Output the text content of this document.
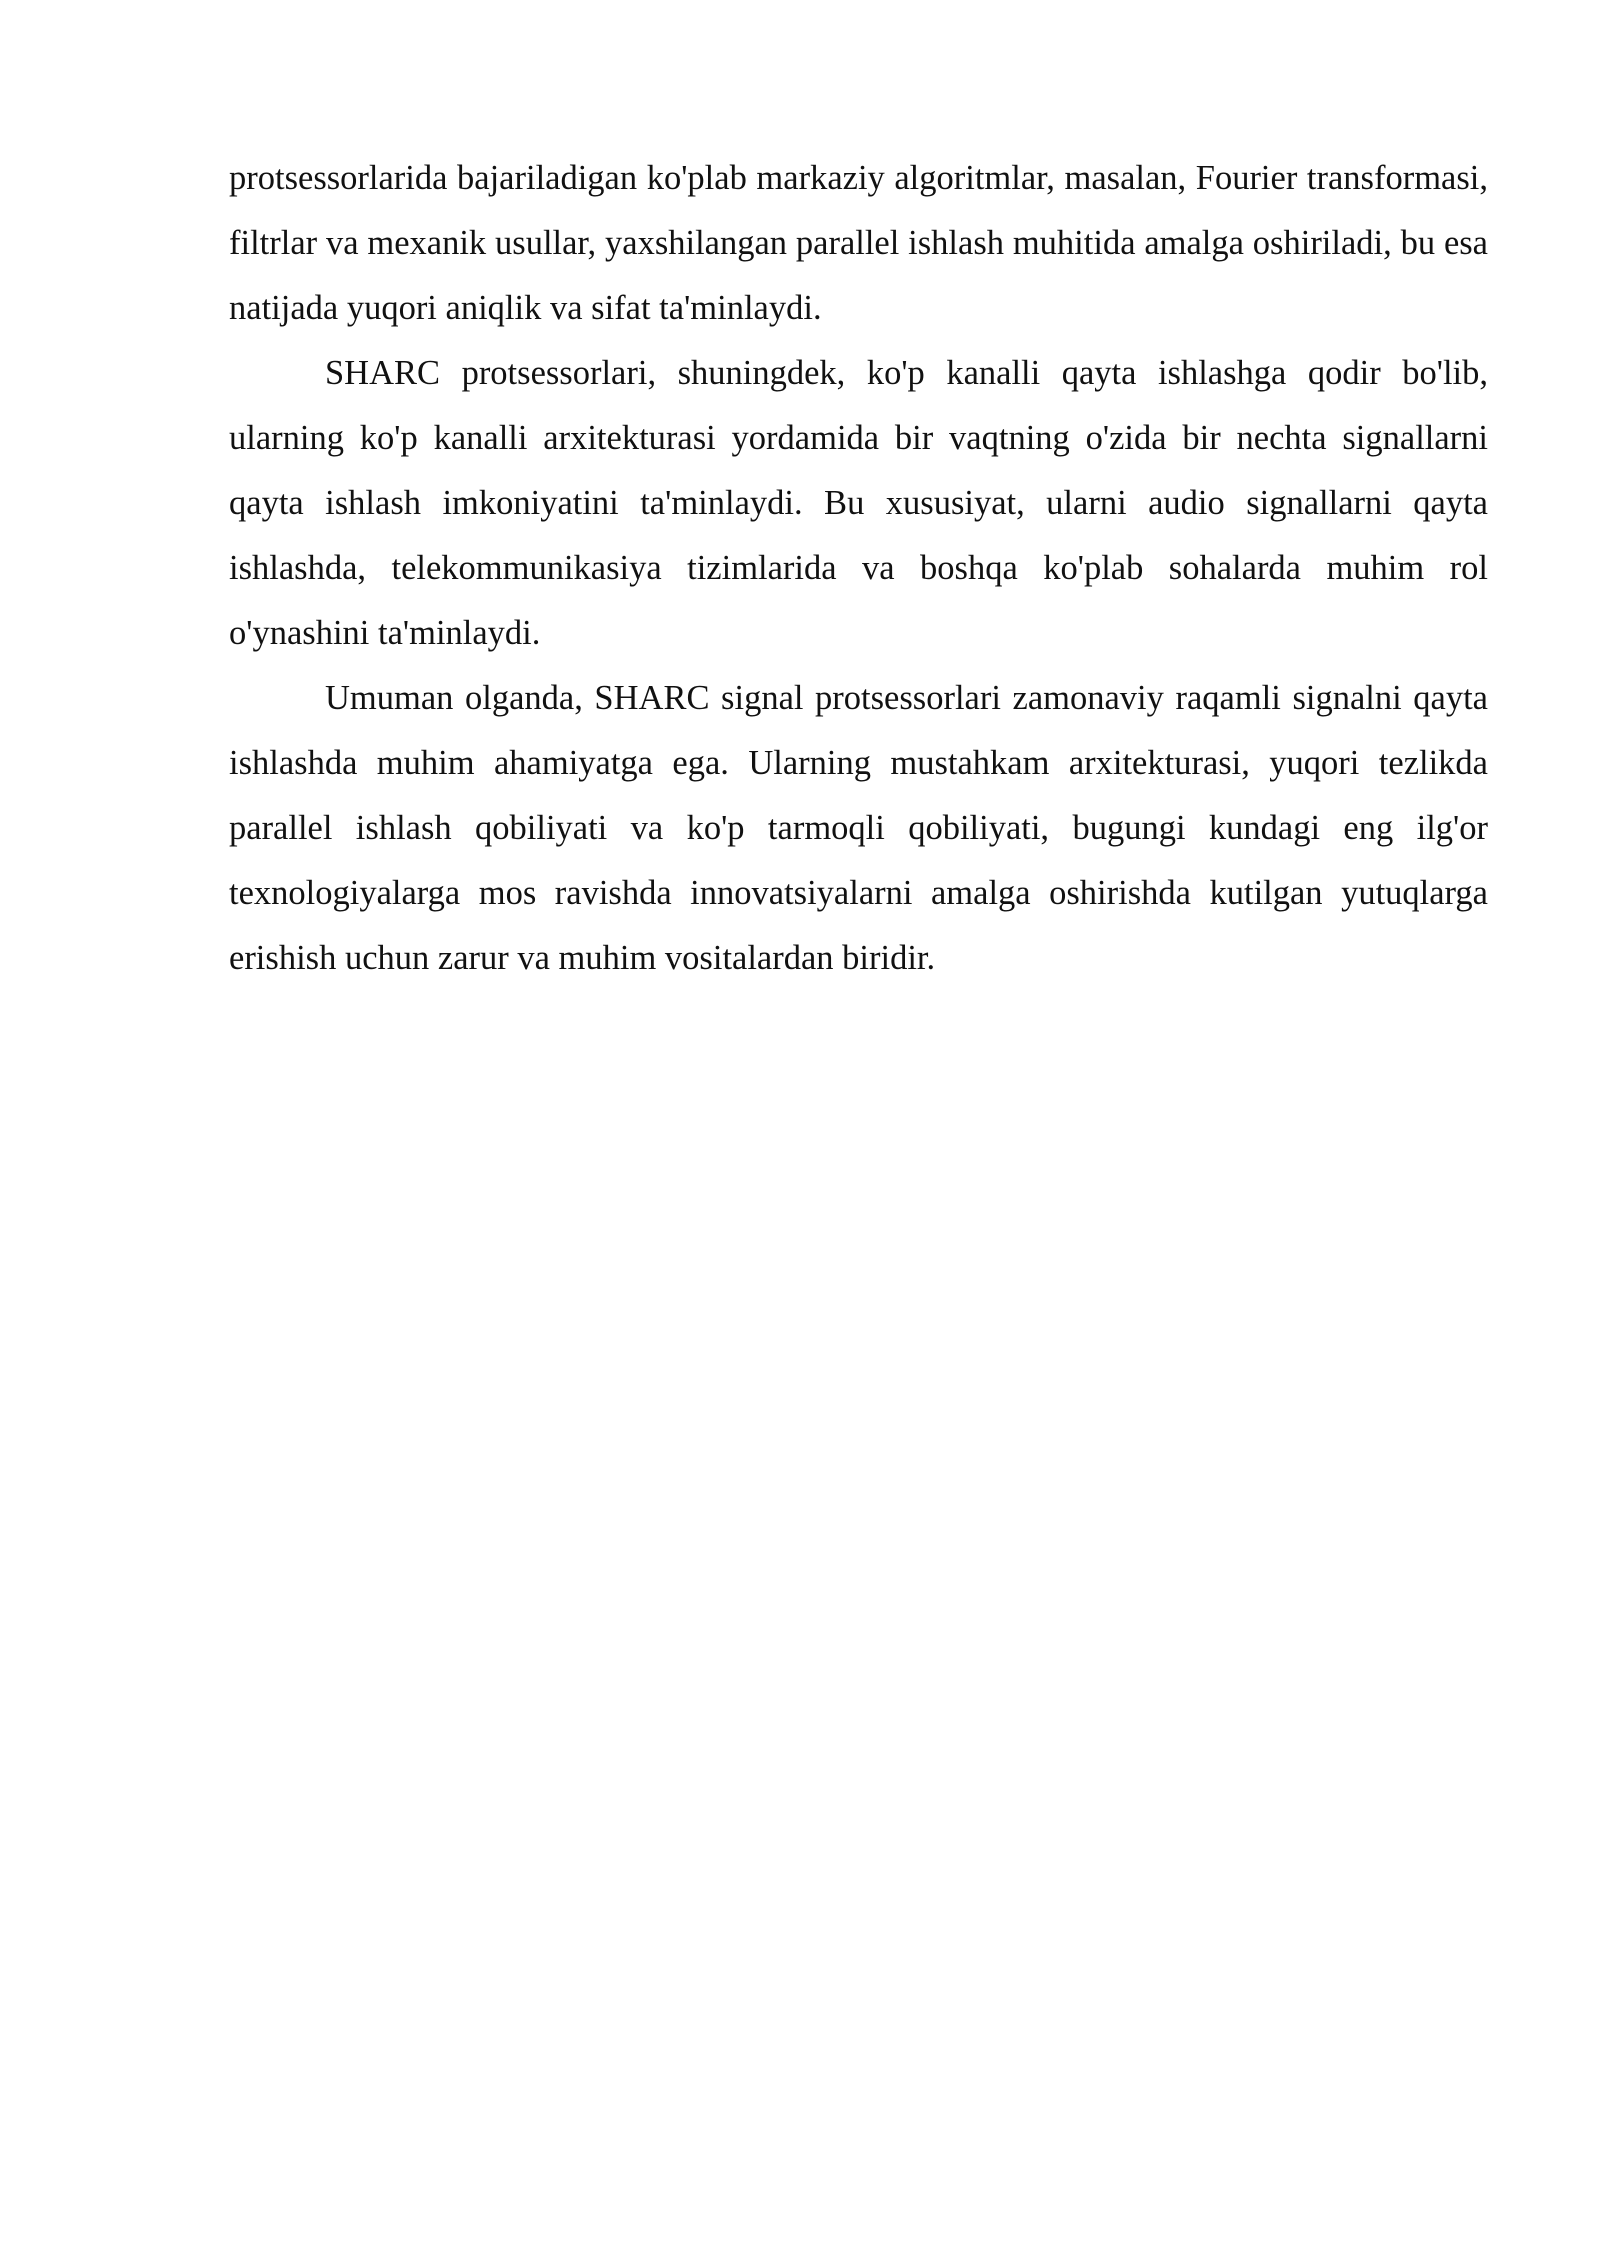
protsessorlarida bajariladigan ko'plab markaziy algoritmlar, masalan, Fourier transformasi, filtrlar va mexanik usullar, yaxshilangan parallel ishlash muhitida amalga oshiriladi, bu esa natijada yuqori aniqlik va sifat ta'minlaydi.

SHARC protsessorlari, shuningdek, ko'p kanalli qayta ishlashga qodir bo'lib, ularning ko'p kanalli arxitekturasi yordamida bir vaqtning o'zida bir nechta signallarni qayta ishlash imkoniyatini ta'minlaydi. Bu xususiyat, ularni audio signallarni qayta ishlashda, telekommunikasiya tizimlarida va boshqa ko'plab sohalarda muhim rol o'ynashini ta'minlaydi.

Umuman olganda, SHARC signal protsessorlari zamonaviy raqamli signalni qayta ishlashda muhim ahamiyatga ega. Ularning mustahkam arxitekturasi, yuqori tezlikda parallel ishlash qobiliyati va ko'p tarmoqli qobiliyati, bugungi kundagi eng ilg'or texnologiyalarga mos ravishda innovatsiyalarni amalga oshirishda kutilgan yutuqlarga erishish uchun zarur va muhim vositalardan biridir.
